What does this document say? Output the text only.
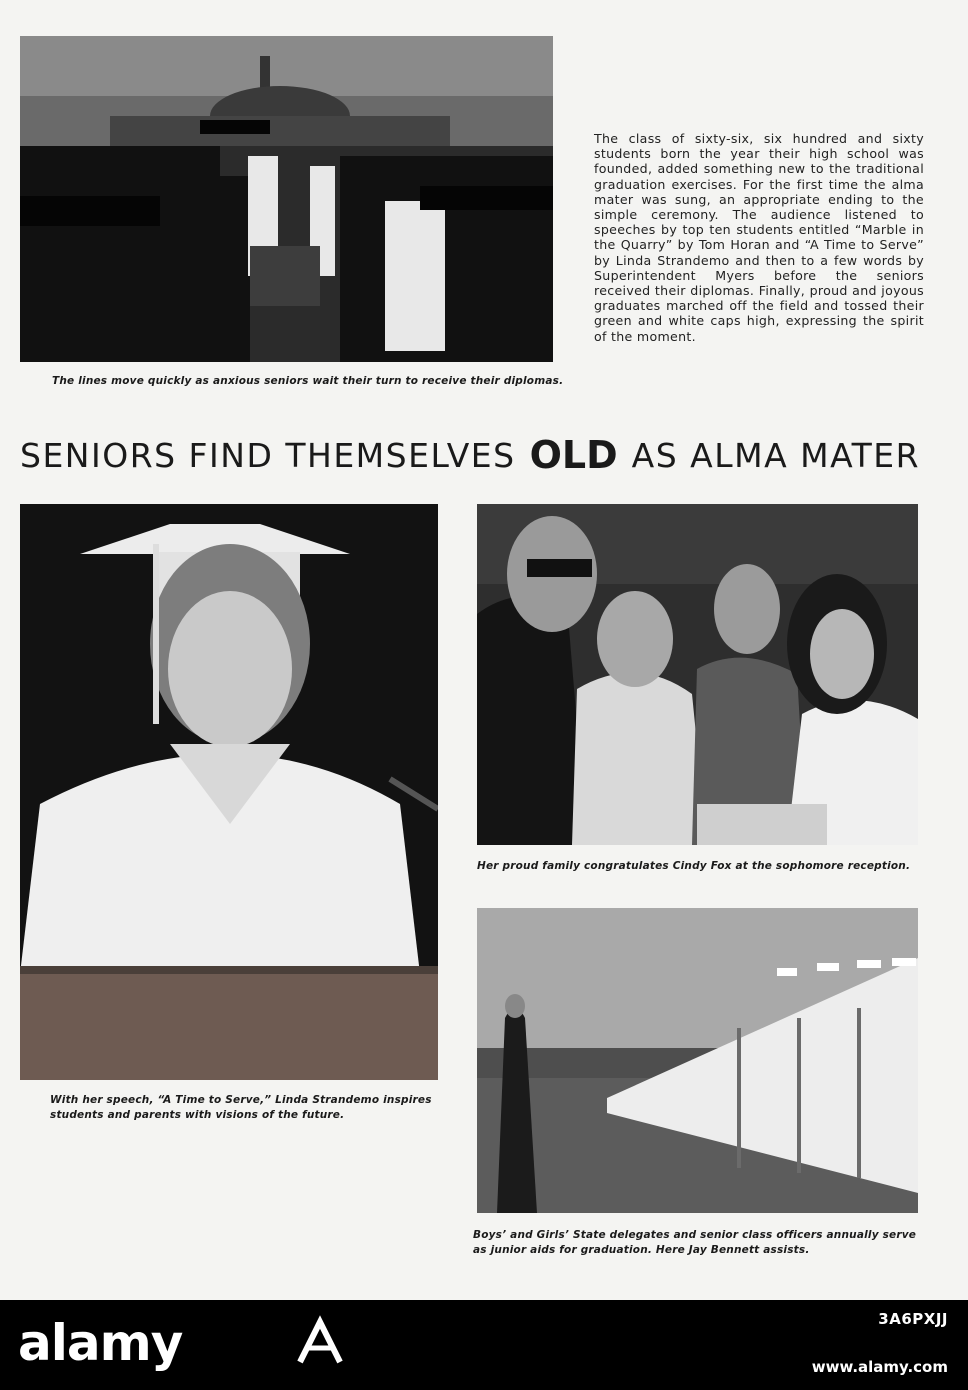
The lines move quickly as anxious seniors wait their turn to receive their diplomas.
The class of sixty-six, six hundred and sixty students born the year their high school was founded, added something new to the traditional graduation exercises. For the first time the alma mater was sung, an appropriate ending to the simple ceremony. The audience listened to speeches by top ten students entitled “Marble in the Quarry” by Tom Horan and “A Time to Serve” by Linda Strandemo and then to a few words by Superintendent Myers before the seniors received their diplomas. Finally, proud and joyous graduates marched off the field and tossed their green and white caps high, expressing the spirit of the moment.
SENIORS FIND THEMSELVES OLD AS ALMA MATER
With her speech, “A Time to Serve,” Linda Strandemo inspires students and parents with visions of the future.
Her proud family congratulates Cindy Fox at the sophomore reception.
Boys’ and Girls’ State delegates and senior class officers annually serve as junior aids for graduation. Here Jay Bennett assists.
alamy	3A6PXJJ
www.alamy.com
